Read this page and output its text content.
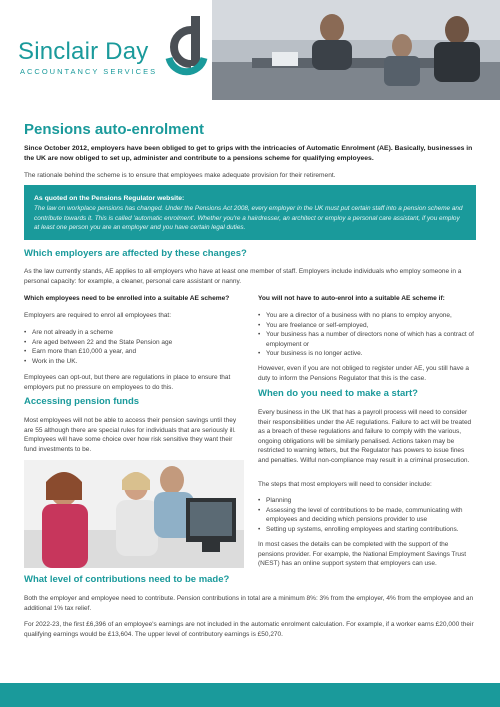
Sinclair Day
ACCOUNTANCY SERVICES
Pensions auto-enrolment
Since October 2012, employers have been obliged to get to grips with the intricacies of Automatic Enrolment (AE). Basically, businesses in the UK are now obliged to set up, administer and contribute to a pensions scheme for qualifying employees.
The rationale behind the scheme is to ensure that employees make adequate provision for their retirement.
As quoted on the Pensions Regulator website:
The law on workplace pensions has changed. Under the Pensions Act 2008, every employer in the UK must put certain staff into a pension scheme and contribute towards it. This is called 'automatic enrolment'. Whether you're a hairdresser, an architect or employ a personal care assistant, if you employ at least one person you are an employer and you have certain legal duties.
Which employers are affected by these changes?
As the law currently stands, AE applies to all employers who have at least one member of staff. Employers include individuals who employ someone in a personal capacity: for example, a cleaner, personal care assistant or nanny.
Which employees need to be enrolled into a suitable AE scheme?
Employers are required to enrol all employees that:
• Are not already in a scheme
• Are aged between 22 and the State Pension age
• Earn more than £10,000 a year, and
• Work in the UK.
Employees can opt-out, but there are regulations in place to ensure that employers put no pressure on employees to do this.
Accessing pension funds
Most employees will not be able to access their pension savings until they are 55 although there are special rules for individuals that are seriously ill. Employees will have some choice over how risk sensitive they want their fund investments to be.
You will not have to auto-enrol into a suitable AE scheme if:
• You are a director of a business with no plans to employ anyone,
• You are freelance or self-employed,
• Your business has a number of directors none of which has a contract of employment or
• Your business is no longer active.
However, even if you are not obliged to register under AE, you still have a duty to inform the Pensions Regulator that this is the case.
When do you need to make a start?
Every business in the UK that has a payroll process will need to consider their responsibilities under the AE regulations. Failure to act will be treated as a breach of these regulations and failure to comply with the various, ongoing obligations will be similarly penalised. Actions taken may be restricted to warning letters, but the Regulator has powers to issue fines and penalties. Wilful non-compliance may result in a criminal prosecution.
The steps that most employers will need to consider include:
• Planning
• Assessing the level of contributions to be made, communicating with employees and deciding which pensions provider to use
• Setting up systems, enrolling employees and starting contributions.
In most cases the details can be completed with the support of the pensions provider. For example, the National Employment Savings Trust (NEST) has an online support system that employers can use.
What level of contributions need to be made?
Both the employer and employee need to contribute. Pension contributions in total are a minimum 8%: 3% from the employer, 4% from the employee and an additional 1% tax relief.
For 2022-23, the first £6,396 of an employee's earnings are not included in the automatic enrolment calculation. For example, if a worker earns £20,000 their qualifying earnings would be £13,604. The upper level of contributory earnings is £50,270.
